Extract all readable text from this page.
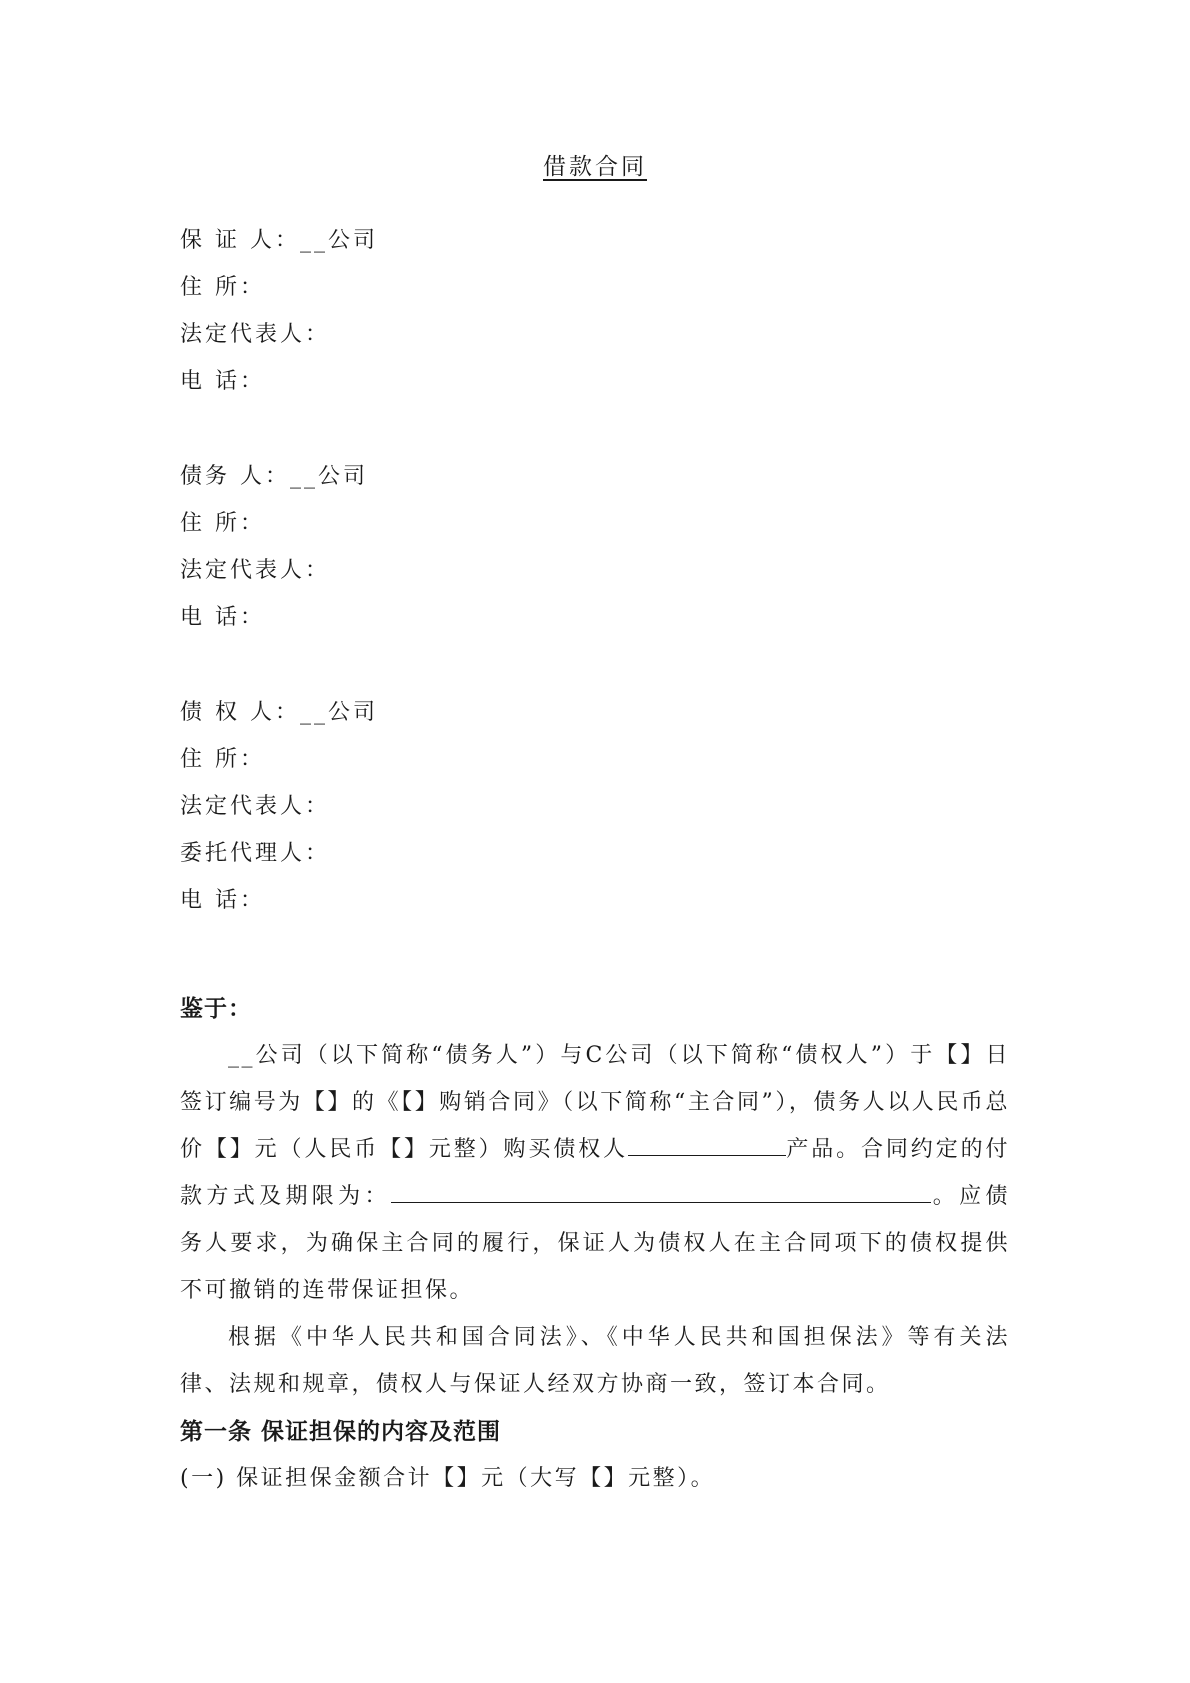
借款合同
保 证 人：__公司
住 所：
法定代表人：
电 话：
债务 人：__公司
住 所：
法定代表人：
电 话：
债 权 人：__公司
住 所：
法定代表人：
委托代理人：
电 话：
鉴于：
__公司（以下简称“债务人”）与C公司（以下简称“债权人”）于【】日签订编号为【】的《【】购销合同》（以下简称“主合同”），债务人以人民币总价【】元（人民币【】元整）购买债权人	产品。合同约定的付款方式及期限为：	。应债务人要求，为确保主合同的履行，保证人为债权人在主合同项下的债权提供不可撤销的连带保证担保。
根据《中华人民共和国合同法》、《中华人民共和国担保法》等有关法律、法规和规章，债权人与保证人经双方协商一致，签订本合同。
第一条 保证担保的内容及范围
(一) 保证担保金额合计【】元（大写【】元整）。
